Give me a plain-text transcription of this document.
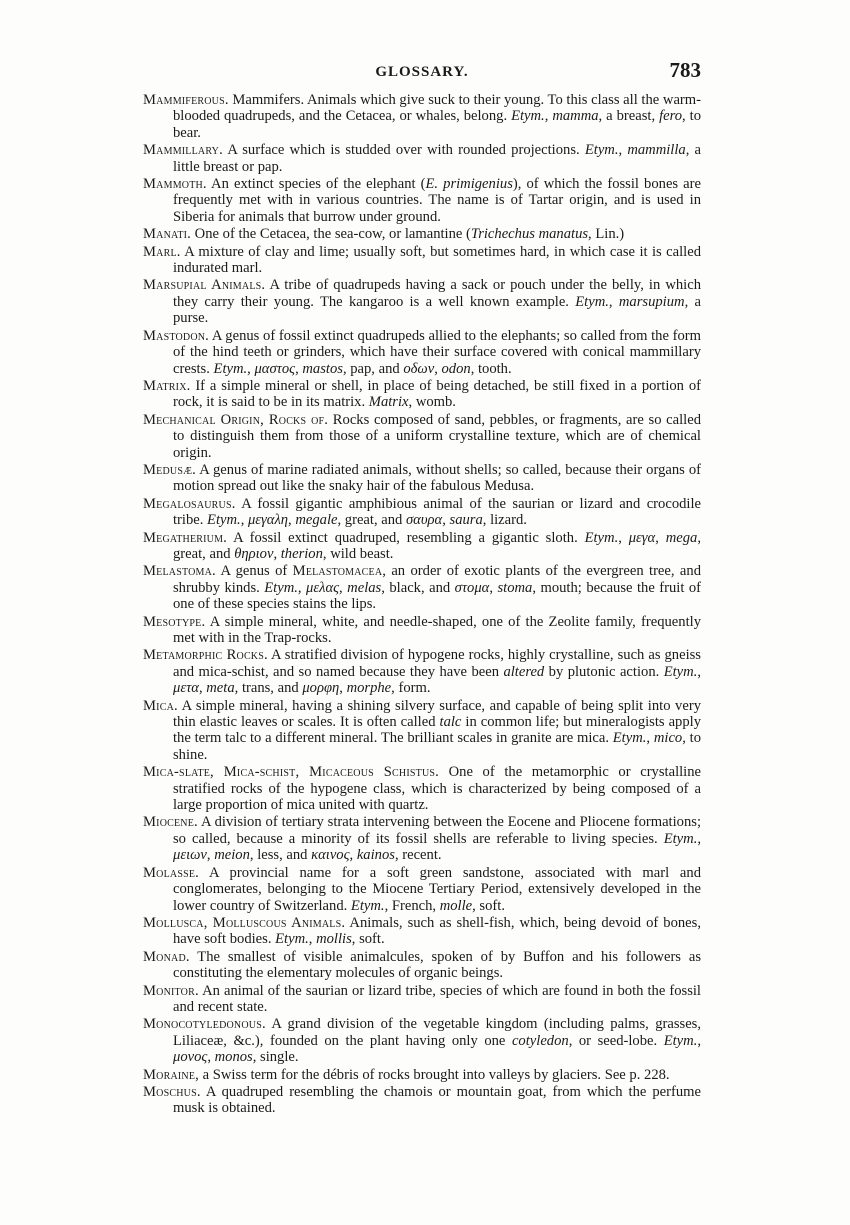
GLOSSARY.	783

Mammiferous. Mammifers. Animals which give suck to their young. To this class all the warm-blooded quadrupeds, and the Cetacea, or whales, belong. Etym., mamma, a breast, fero, to bear.

Mammillary. A surface which is studded over with rounded projections. Etym., mammilla, a little breast or pap.

Mammoth. An extinct species of the elephant (E. primigenius), of which the fossil bones are frequently met with in various countries. The name is of Tartar origin, and is used in Siberia for animals that burrow under ground.

Manati. One of the Cetacea, the sea-cow, or lamantine (Trichechus manatus, Lin.)

Marl. A mixture of clay and lime; usually soft, but sometimes hard, in which case it is called indurated marl.

Marsupial Animals. A tribe of quadrupeds having a sack or pouch under the belly, in which they carry their young. The kangaroo is a well known example. Etym., marsupium, a purse.

Mastodon. A genus of fossil extinct quadrupeds allied to the elephants; so called from the form of the hind teeth or grinders, which have their surface covered with conical mammillary crests. Etym., μαστος, mastos, pap, and οδων, odon, tooth.

Matrix. If a simple mineral or shell, in place of being detached, be still fixed in a portion of rock, it is said to be in its matrix. Matrix, womb.

Mechanical Origin, Rocks of. Rocks composed of sand, pebbles, or fragments, are so called to distinguish them from those of a uniform crystalline texture, which are of chemical origin.

Medusæ. A genus of marine radiated animals, without shells; so called, because their organs of motion spread out like the snaky hair of the fabulous Medusa.

Megalosaurus. A fossil gigantic amphibious animal of the saurian or lizard and crocodile tribe. Etym., μεγαλη, megale, great, and σαυρα, saura, lizard.

Megatherium. A fossil extinct quadruped, resembling a gigantic sloth. Etym., μεγα, mega, great, and θηριον, therion, wild beast.

Melastoma. A genus of Melastomacea, an order of exotic plants of the evergreen tree, and shrubby kinds. Etym., μελας, melas, black, and στομα, stoma, mouth; because the fruit of one of these species stains the lips.

Mesotype. A simple mineral, white, and needle-shaped, one of the Zeolite family, frequently met with in the Trap-rocks.

Metamorphic Rocks. A stratified division of hypogene rocks, highly crystalline, such as gneiss and mica-schist, and so named because they have been altered by plutonic action. Etym., μετα, meta, trans, and μορφη, morphe, form.

Mica. A simple mineral, having a shining silvery surface, and capable of being split into very thin elastic leaves or scales. It is often called talc in common life; but mineralogists apply the term talc to a different mineral. The brilliant scales in granite are mica. Etym., mico, to shine.

Mica-slate, Mica-schist, Micaceous Schistus. One of the metamorphic or crystalline stratified rocks of the hypogene class, which is characterized by being composed of a large proportion of mica united with quartz.

Miocene. A division of tertiary strata intervening between the Eocene and Pliocene formations; so called, because a minority of its fossil shells are referable to living species. Etym., μειων, meion, less, and καινος, kainos, recent.

Molasse. A provincial name for a soft green sandstone, associated with marl and conglomerates, belonging to the Miocene Tertiary Period, extensively developed in the lower country of Switzerland. Etym., French, molle, soft.

Mollusca, Molluscous Animals. Animals, such as shell-fish, which, being devoid of bones, have soft bodies. Etym., mollis, soft.

Monad. The smallest of visible animalcules, spoken of by Buffon and his followers as constituting the elementary molecules of organic beings.

Monitor. An animal of the saurian or lizard tribe, species of which are found in both the fossil and recent state.

Monocotyledonous. A grand division of the vegetable kingdom (including palms, grasses, Liliaceæ, &c.), founded on the plant having only one cotyledon, or seed-lobe. Etym., μονος, monos, single.

Moraine, a Swiss term for the débris of rocks brought into valleys by glaciers. See p. 228.

Moschus. A quadruped resembling the chamois or mountain goat, from which the perfume musk is obtained.
